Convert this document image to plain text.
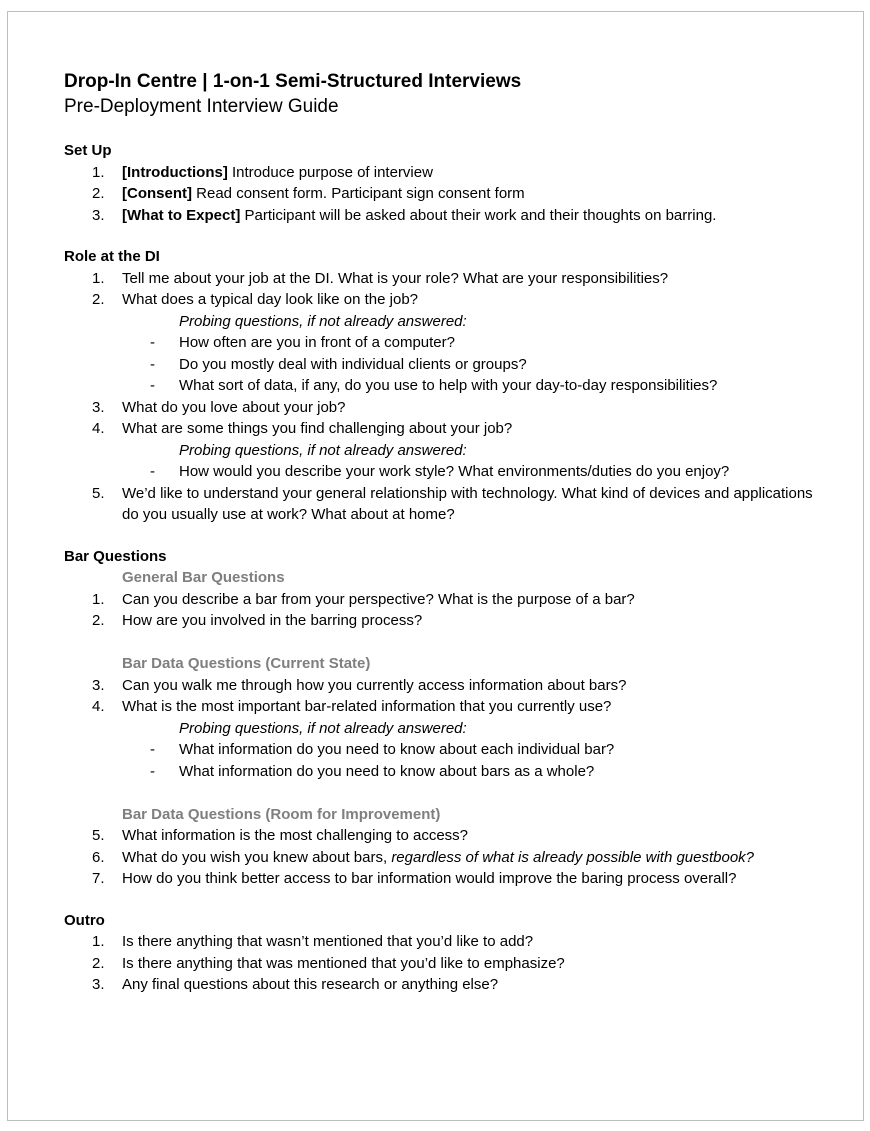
Drop-In Centre | 1-on-1 Semi-Structured Interviews

Pre-Deployment Interview Guide

Set Up

1.	[Introductions] Introduce purpose of interview

2.	[Consent] Read consent form. Participant sign consent form

3.	[What to Expect] Participant will be asked about their work and their thoughts on barring.

Role at the DI

1.	Tell me about your job at the DI. What is your role? What are your responsibilities?

2.	What does a typical day look like on the job?

Probing questions, if not already answered:

- How often are you in front of a computer?

- Do you mostly deal with individual clients or groups?

- What sort of data, if any, do you use to help with your day-to-day responsibilities?

3.	What do you love about your job?

4.	What are some things you find challenging about your job?

Probing questions, if not already answered:

- How would you describe your work style? What environments/duties do you enjoy?

5.	We’d like to understand your general relationship with technology. What kind of devices and applications do you usually use at work? What about at home?

Bar Questions

General Bar Questions

1.	Can you describe a bar from your perspective? What is the purpose of a bar?

2.	How are you involved in the barring process?

Bar Data Questions (Current State)

3.	Can you walk me through how you currently access information about bars?

4.	What is the most important bar-related information that you currently use?

Probing questions, if not already answered:

- What information do you need to know about each individual bar?

- What information do you need to know about bars as a whole?

Bar Data Questions (Room for Improvement)

5.	What information is the most challenging to access?

6.	What do you wish you knew about bars, regardless of what is already possible with guestbook?

7.	How do you think better access to bar information would improve the baring process overall?

Outro

1.	Is there anything that wasn’t mentioned that you’d like to add?

2.	Is there anything that was mentioned that you’d like to emphasize?

3.	Any final questions about this research or anything else?
